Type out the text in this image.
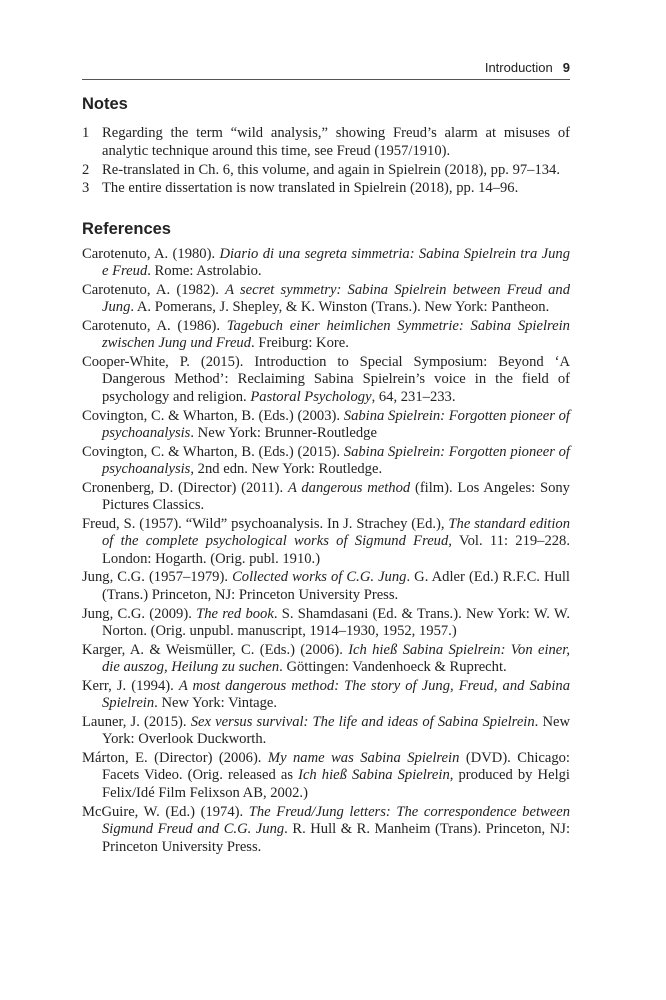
Introduction 9
Notes
1 Regarding the term “wild analysis,” showing Freud’s alarm at misuses of analytic technique around this time, see Freud (1957/1910).
2 Re-translated in Ch. 6, this volume, and again in Spielrein (2018), pp. 97–134.
3 The entire dissertation is now translated in Spielrein (2018), pp. 14–96.
References
Carotenuto, A. (1980). Diario di una segreta simmetria: Sabina Spielrein tra Jung e Freud. Rome: Astrolabio.
Carotenuto, A. (1982). A secret symmetry: Sabina Spielrein between Freud and Jung. A. Pomerans, J. Shepley, & K. Winston (Trans.). New York: Pantheon.
Carotenuto, A. (1986). Tagebuch einer heimlichen Symmetrie: Sabina Spielrein zwischen Jung und Freud. Freiburg: Kore.
Cooper-White, P. (2015). Introduction to Special Symposium: Beyond ‘A Dangerous Method’: Reclaiming Sabina Spielrein’s voice in the field of psychology and religion. Pastoral Psychology, 64, 231–233.
Covington, C. & Wharton, B. (Eds.) (2003). Sabina Spielrein: Forgotten pioneer of psychoanalysis. New York: Brunner-Routledge
Covington, C. & Wharton, B. (Eds.) (2015). Sabina Spielrein: Forgotten pioneer of psychoanalysis, 2nd edn. New York: Routledge.
Cronenberg, D. (Director) (2011). A dangerous method (film). Los Angeles: Sony Pictures Classics.
Freud, S. (1957). “Wild” psychoanalysis. In J. Strachey (Ed.), The standard edition of the complete psychological works of Sigmund Freud, Vol. 11: 219–228. London: Hogarth. (Orig. publ. 1910.)
Jung, C.G. (1957–1979). Collected works of C.G. Jung. G. Adler (Ed.) R.F.C. Hull (Trans.) Princeton, NJ: Princeton University Press.
Jung, C.G. (2009). The red book. S. Shamdasani (Ed. & Trans.). New York: W. W. Norton. (Orig. unpubl. manuscript, 1914–1930, 1952, 1957.)
Karger, A. & Weismüller, C. (Eds.) (2006). Ich hieß Sabina Spielrein: Von einer, die auszog, Heilung zu suchen. Göttingen: Vandenhoeck & Ruprecht.
Kerr, J. (1994). A most dangerous method: The story of Jung, Freud, and Sabina Spielrein. New York: Vintage.
Launer, J. (2015). Sex versus survival: The life and ideas of Sabina Spielrein. New York: Overlook Duckworth.
Márton, E. (Director) (2006). My name was Sabina Spielrein (DVD). Chicago: Facets Video. (Orig. released as Ich hieß Sabina Spielrein, produced by Helgi Felix/Idé Film Felixson AB, 2002.)
McGuire, W. (Ed.) (1974). The Freud/Jung letters: The correspondence between Sigmund Freud and C.G. Jung. R. Hull & R. Manheim (Trans). Princeton, NJ: Princeton University Press.
